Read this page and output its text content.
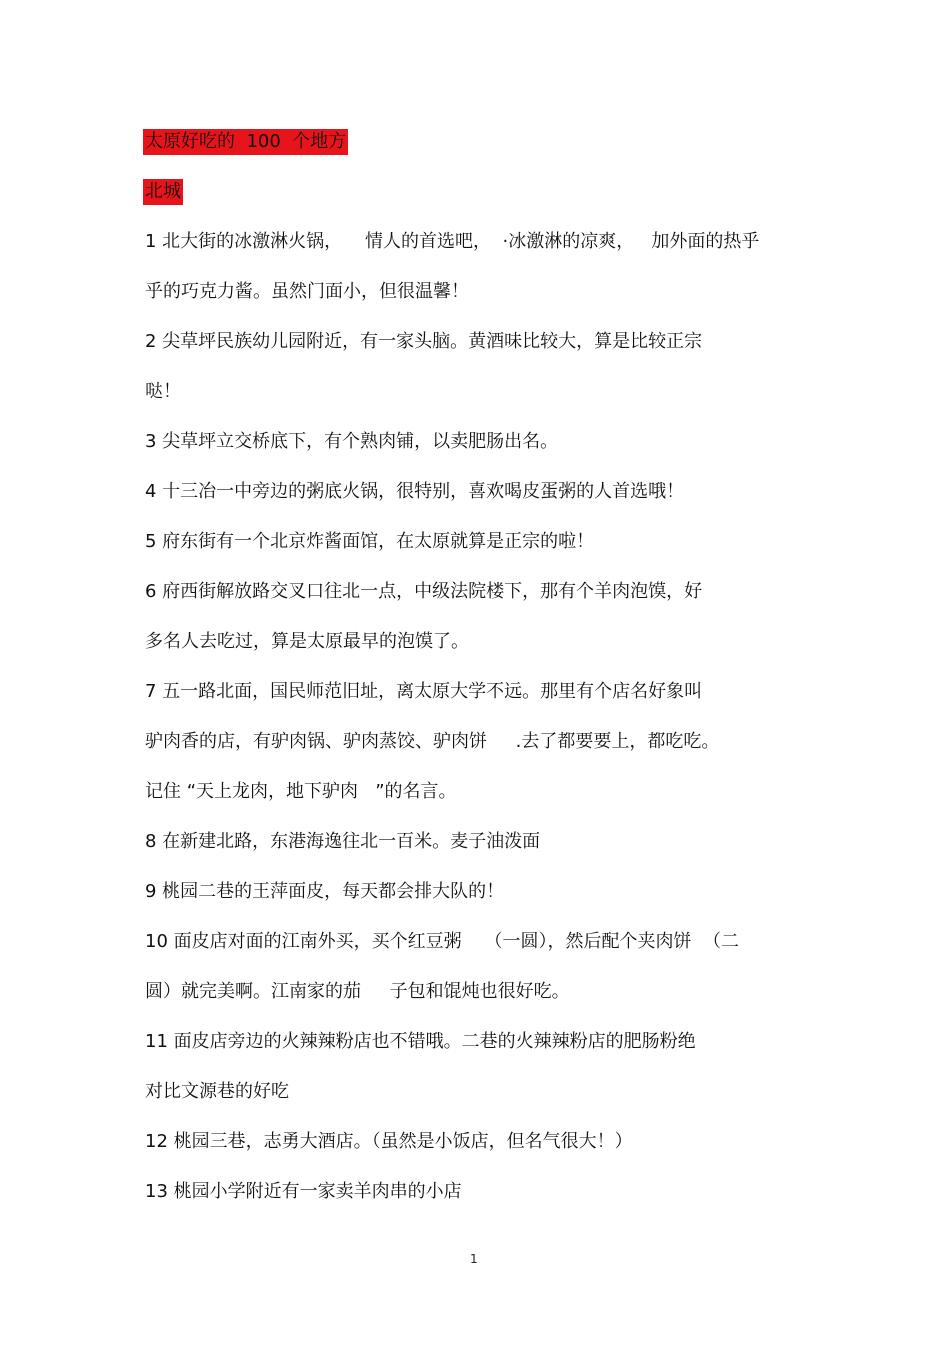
太原好吃的  100  个地方
北城
1 北大街的冰激淋火锅，    情人的首选吧，  ·冰激淋的凉爽，   加外面的热乎
乎的巧克力酱。虽然门面小，但很温馨！
2 尖草坪民族幼儿园附近，有一家头脑。黄酒味比较大，算是比较正宗
哒！
3 尖草坪立交桥底下，有个熟肉铺，以卖肥肠出名。
4 十三冶一中旁边的粥底火锅，很特别，喜欢喝皮蛋粥的人首选哦！
5 府东街有一个北京炸酱面馆，在太原就算是正宗的啦！
6 府西街解放路交叉口往北一点，中级法院楼下，那有个羊肉泡馍，好
多名人去吃过，算是太原最早的泡馍了。
7 五一路北面，国民师范旧址，离太原大学不远。那里有个店名好象叫
驴肉香的店，有驴肉锅、驴肉蒸饺、驴肉饼     .去了都要要上，都吃吃。
记住 “天上龙肉，地下驴肉   ”的名言。
8 在新建北路，东港海逸往北一百米。麦子油泼面
9 桃园二巷的王萍面皮，每天都会排大队的！
10 面皮店对面的江南外买，买个红豆粥    （一圆），然后配个夹肉饼  （二
圆）就完美啊。江南家的茄     子包和馄炖也很好吃。
11 面皮店旁边的火辣辣粉店也不错哦。二巷的火辣辣粉店的肥肠粉绝
对比文源巷的好吃
12 桃园三巷，志勇大酒店。（虽然是小饭店，但名气很大！）
13 桃园小学附近有一家卖羊肉串的小店
1
